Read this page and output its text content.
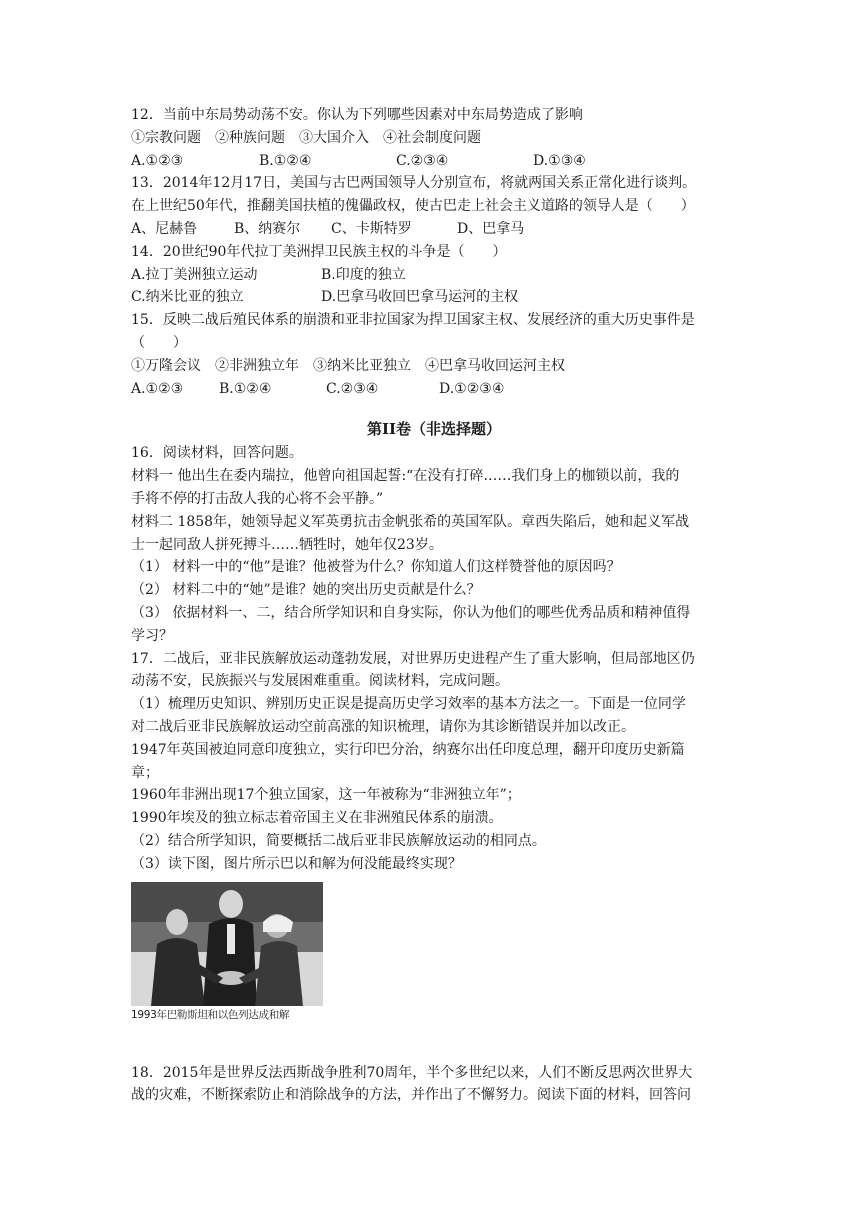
12．当前中东局势动荡不安。你认为下列哪些因素对中东局势造成了影响
①宗教问题　②种族问题　③大国介入　④社会制度问题
A.①②③	B.①②④	C.②③④	D.①③④
13．2014年12月17日，美国与古巴两国领导人分别宣布，将就两国关系正常化进行谈判。
在上世纪50年代，推翻美国扶植的傀儡政权，使古巴走上社会主义道路的领导人是（　　）
A、尼赫鲁	B、纳赛尔	C、卡斯特罗	D、巴拿马
14．20世纪90年代拉丁美洲捍卫民族主权的斗争是（　　）
A.拉丁美洲独立运动	B.印度的独立
C.纳米比亚的独立	D.巴拿马收回巴拿马运河的主权
15．反映二战后殖民体系的崩溃和亚非拉国家为捍卫国家主权、发展经济的重大历史事件是
（　　）
①万隆会议　②非洲独立年　③纳米比亚独立　④巴拿马收回运河主权
A.①②③	B.①②④	C.②③④	D.①②③④
第II卷（非选择题）
16．阅读材料，回答问题。
材料一 他出生在委内瑞拉，他曾向祖国起誓:“在没有打碎……我们身上的枷锁以前，我的
手将不停的打击敌人我的心将不会平静。”
材料二 1858年，她领导起义军英勇抗击金帆张希的英国军队。章西失陷后，她和起义军战
士一起同敌人拼死搏斗……牺牲时，她年仅23岁。
（1） 材料一中的“他”是谁？他被誉为什么？你知道人们这样赞誉他的原因吗？
（2） 材料二中的“她”是谁？她的突出历史贡献是什么？
（3） 依据材料一、二，结合所学知识和自身实际，你认为他们的哪些优秀品质和精神值得
学习？
17．二战后，亚非民族解放运动蓬勃发展，对世界历史进程产生了重大影响，但局部地区仍
动荡不安，民族振兴与发展困难重重。阅读材料，完成问题。
（1）梳理历史知识、辨别历史正误是提高历史学习效率的基本方法之一。下面是一位同学
对二战后亚非民族解放运动空前高涨的知识梳理，请你为其诊断错误并加以改正。
1947年英国被迫同意印度独立，实行印巴分治，纳赛尔出任印度总理，翻开印度历史新篇
章；
1960年非洲出现17个独立国家，这一年被称为“非洲独立年”；
1990年埃及的独立标志着帝国主义在非洲殖民体系的崩溃。
（2）结合所学知识，简要概括二战后亚非民族解放运动的相同点。
（3）读下图，图片所示巴以和解为何没能最终实现？
1993年巴勒斯坦和以色列达成和解
18．2015年是世界反法西斯战争胜利70周年，半个多世纪以来，人们不断反思两次世界大
战的灾难，不断探索防止和消除战争的方法，并作出了不懈努力。阅读下面的材料，回答问
